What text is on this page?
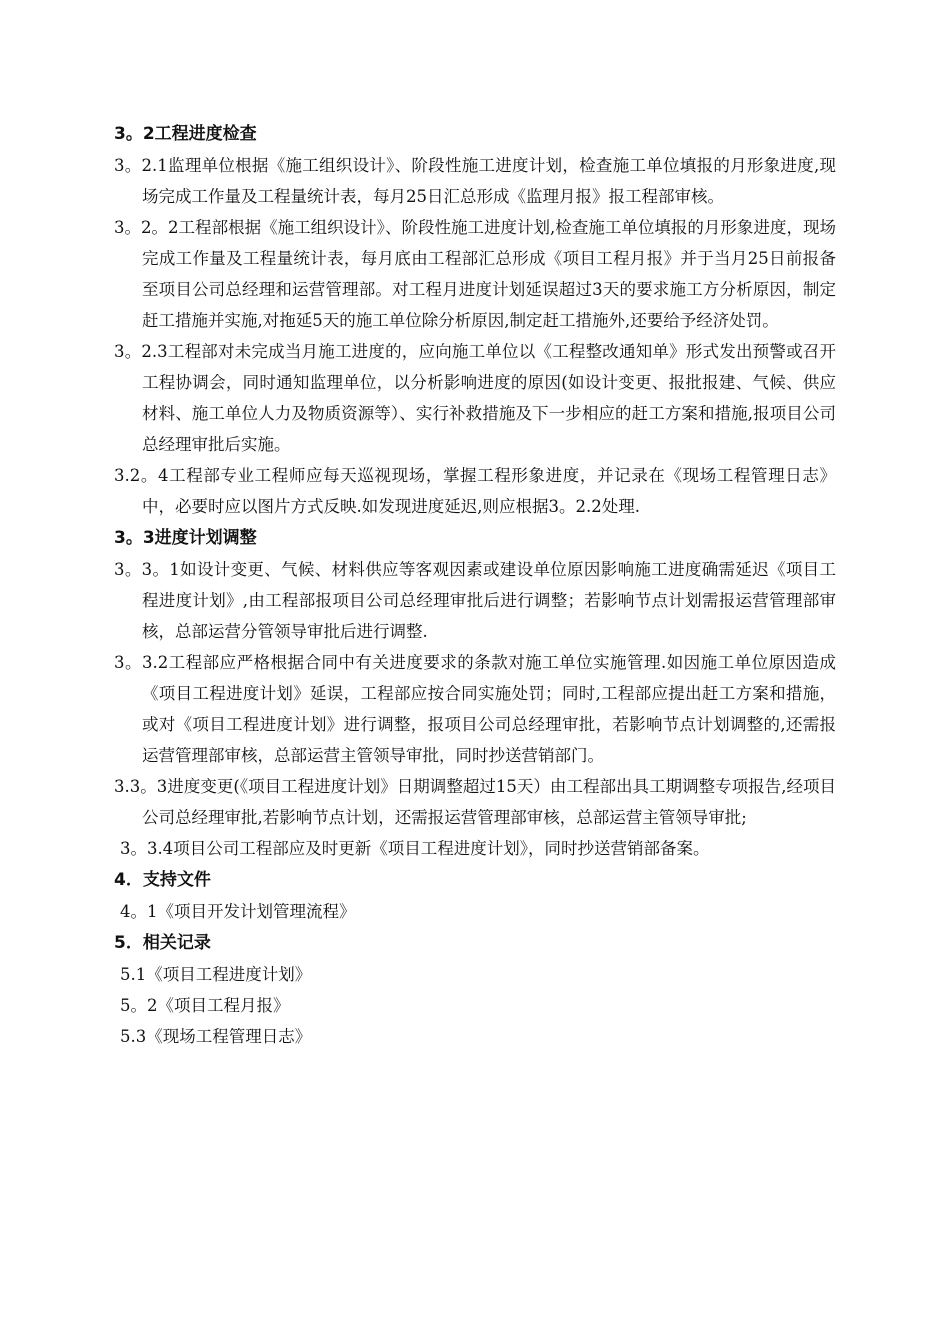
3。2工程进度检查

3。2.1监理单位根据《施工组织设计》、阶段性施工进度计划，检查施工单位填报的月形象进度,现场完成工作量及工程量统计表，每月25日汇总形成《监理月报》报工程部审核。

3。2。2工程部根据《施工组织设计》、阶段性施工进度计划,检查施工单位填报的月形象进度，现场完成工作量及工程量统计表，每月底由工程部汇总形成《项目工程月报》并于当月25日前报备至项目公司总经理和运营管理部。对工程月进度计划延误超过3天的要求施工方分析原因，制定赶工措施并实施,对拖延5天的施工单位除分析原因,制定赶工措施外,还要给予经济处罚。

3。2.3工程部对未完成当月施工进度的，应向施工单位以《工程整改通知单》形式发出预警或召开工程协调会，同时通知监理单位，以分析影响进度的原因(如设计变更、报批报建、气候、供应材料、施工单位人力及物质资源等）、实行补救措施及下一步相应的赶工方案和措施,报项目公司总经理审批后实施。

3.2。4工程部专业工程师应每天巡视现场，掌握工程形象进度，并记录在《现场工程管理日志》中，必要时应以图片方式反映.如发现进度延迟,则应根据3。2.2处理.

3。3进度计划调整

3。3。1如设计变更、气候、材料供应等客观因素或建设单位原因影响施工进度确需延迟《项目工程进度计划》,由工程部报项目公司总经理审批后进行调整；若影响节点计划需报运营管理部审核，总部运营分管领导审批后进行调整.

3。3.2工程部应严格根据合同中有关进度要求的条款对施工单位实施管理.如因施工单位原因造成《项目工程进度计划》延误，工程部应按合同实施处罚；同时,工程部应提出赶工方案和措施，或对《项目工程进度计划》进行调整，报项目公司总经理审批，若影响节点计划调整的,还需报运营管理部审核，总部运营主管领导审批，同时抄送营销部门。

3.3。3进度变更(《项目工程进度计划》日期调整超过15天）由工程部出具工期调整专项报告,经项目公司总经理审批,若影响节点计划，还需报运营管理部审核，总部运营主管领导审批;

3。3.4项目公司工程部应及时更新《项目工程进度计划》，同时抄送营销部备案。

4．支持文件

4。1《项目开发计划管理流程》

5．相关记录

5.1《项目工程进度计划》

5。2《项目工程月报》

5.3《现场工程管理日志》
